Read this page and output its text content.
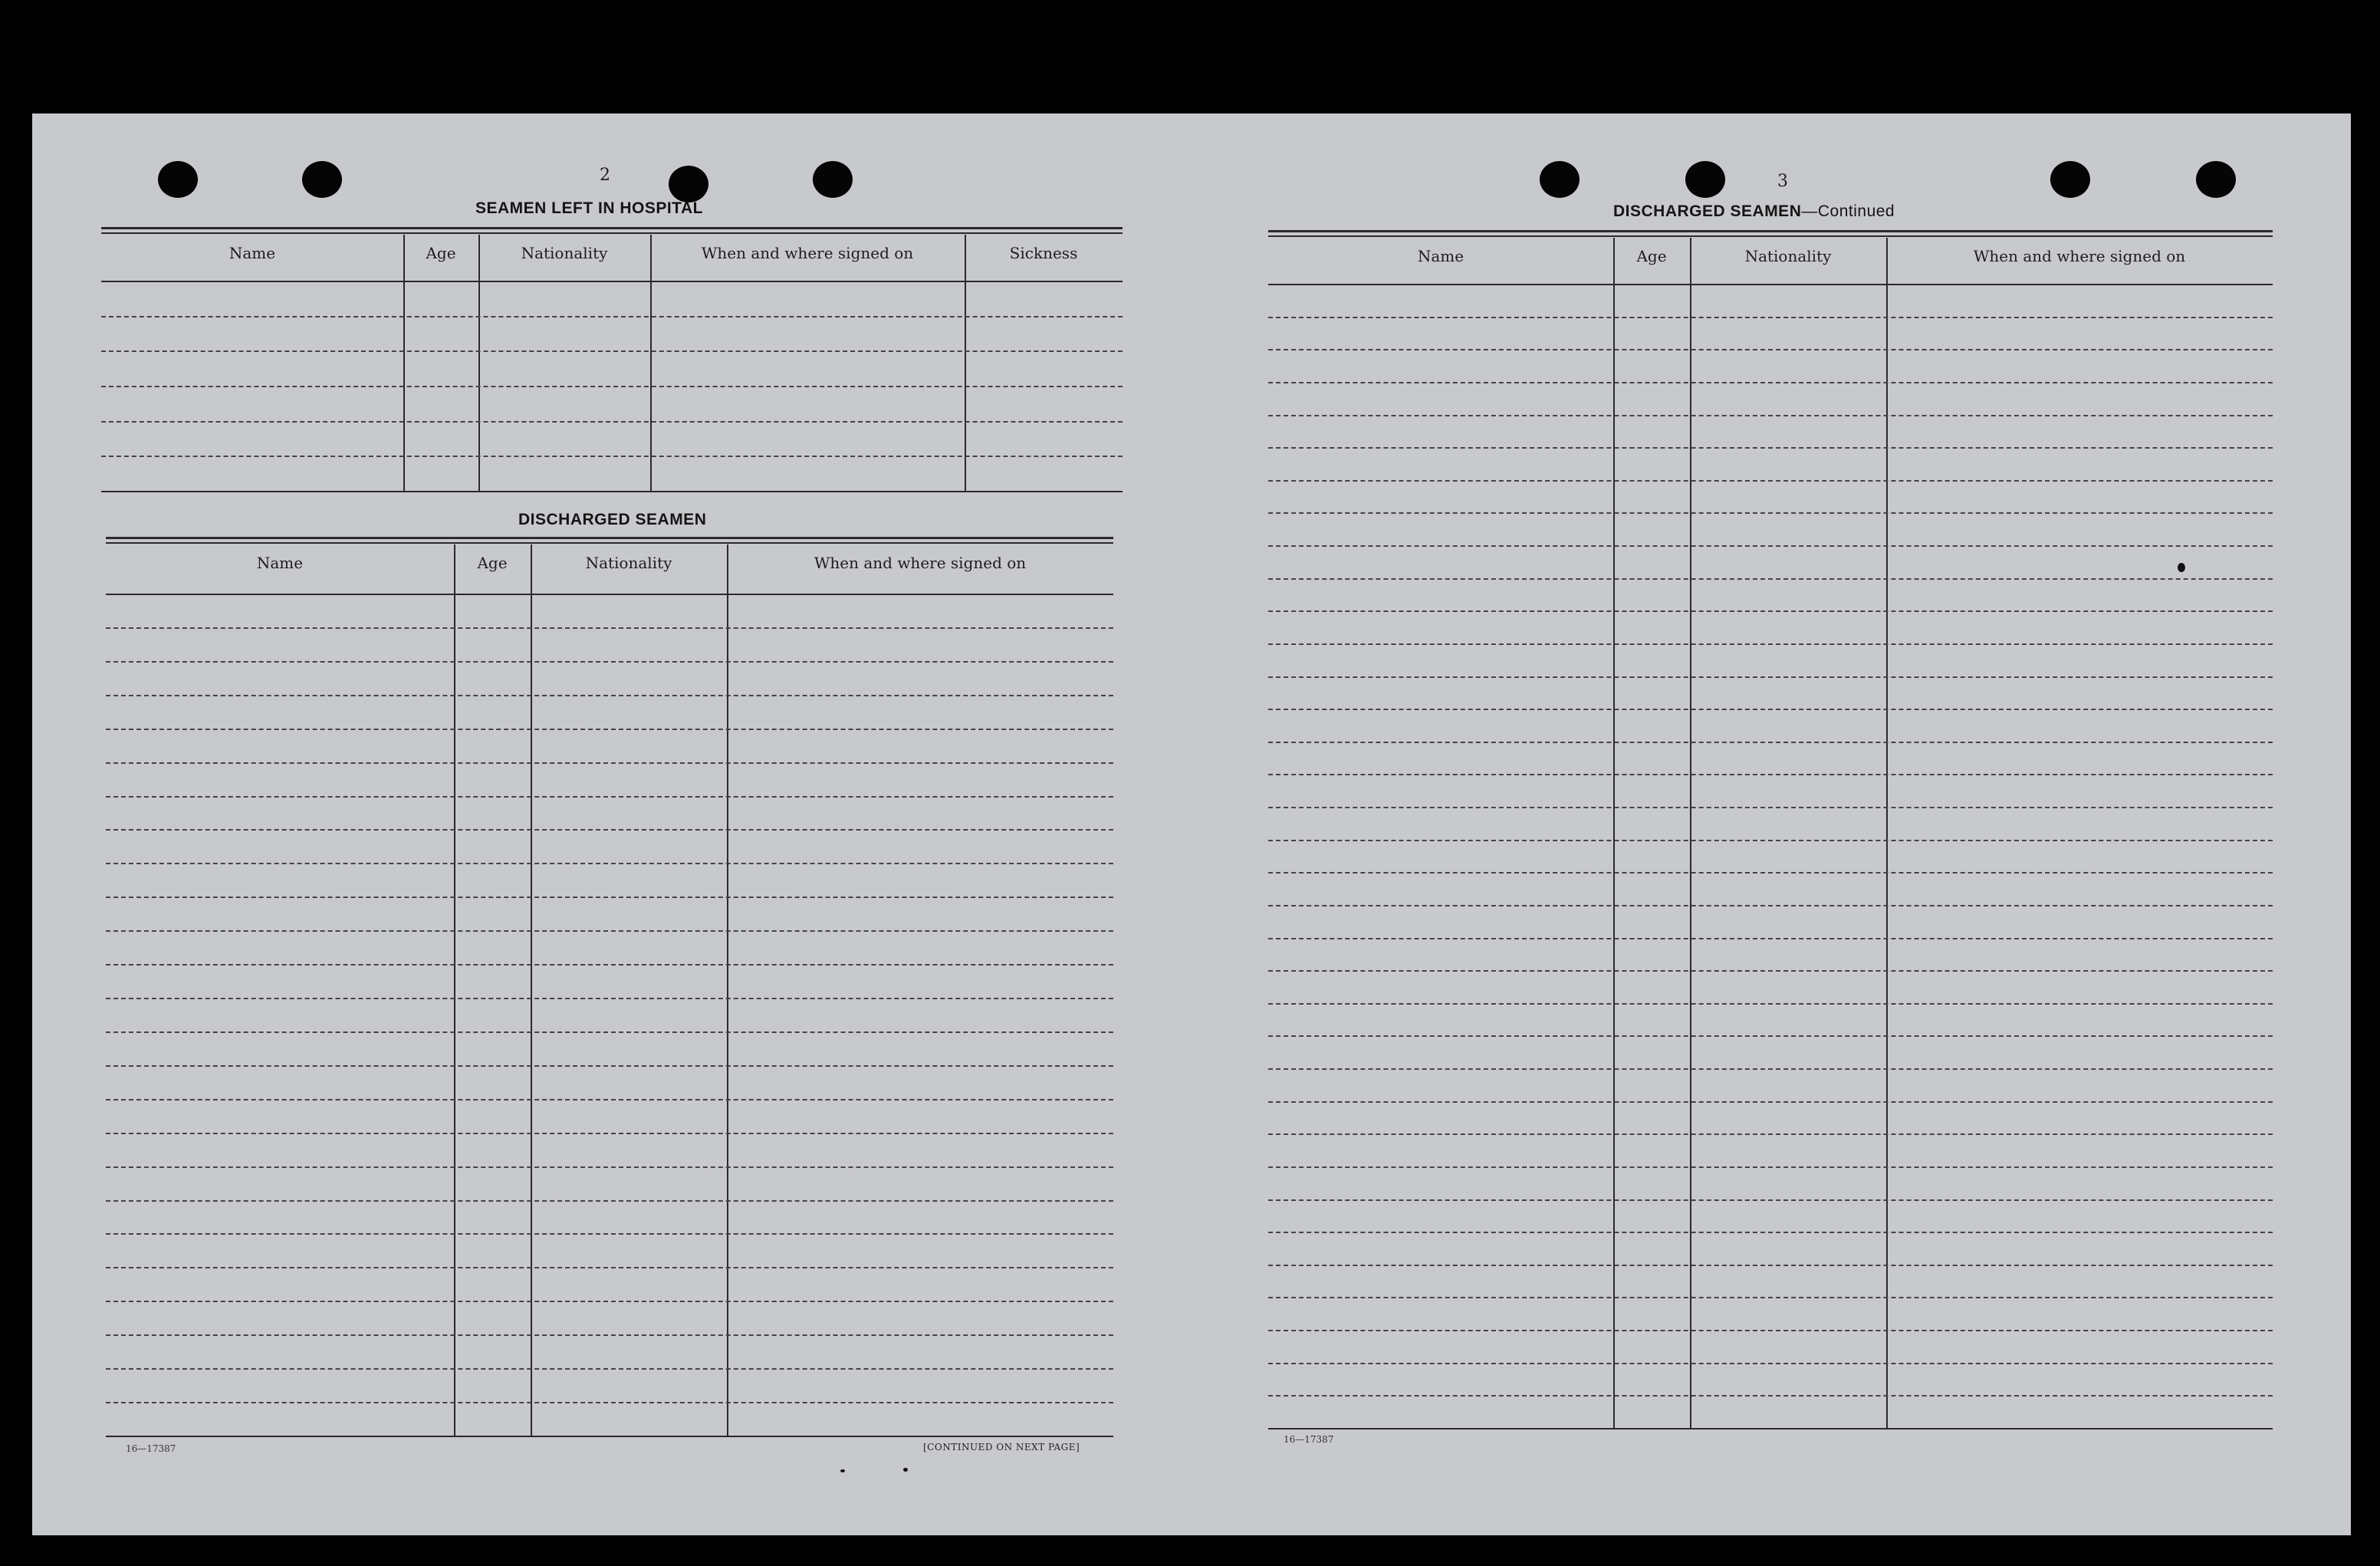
2
SEAMEN LEFT IN HOSPITAL
DISCHARGED SEAMEN
16—17387	[CONTINUED ON NEXT PAGE]
3
DISCHARGED SEAMEN—Continued
16—17387
Name	Age	Nationality	When and where signed on	Sickness
Name	Age	Nationality	When and where signed on
Name	Age	Nationality	When and where signed on
